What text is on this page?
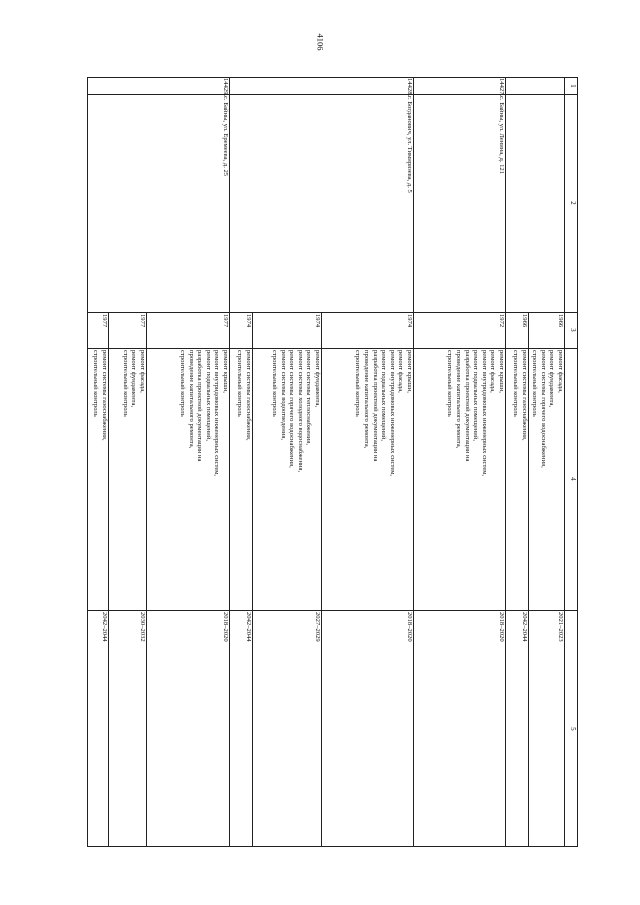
4106
1
2
3
4
5
1966
ремонт фасада,
ремонт фундамента,
ремонт системы горячего водоснабжения,
строительный контроль
2021–2023
1966
ремонт системы газоснабжения,
строительный контроль
2042–2044
14427.
с. Байны, ул. Ленина, д. 121
1972
ремонт крыши,
ремонт фасада,
ремонт внутридомовых инженерных систем,
ремонт подвальных помещений,
разработка проектной документации на
проведение капитального ремонта,
строительный контроль
2018–2020
14428.
г. Богданович, ул. Тимирязева, д. 5
1974
ремонт крыши,
ремонт фасада,
ремонт внутридомовых инженерных систем,
ремонт подвальных помещений,
разработка проектной документации на
проведение капитального ремонта,
строительный контроль
2018–2020
1974
ремонт фундамента,
ремонт системы теплоснабжения,
ремонт системы холодного водоснабжения,
ремонт системы горячего водоснабжения,
ремонт системы водоотведения,
строительный контроль
2027–2029
1974
ремонт системы газоснабжения,
строительный контроль
2042–2044
14429.
с. Байны, ул. Еремеева, д. 25
1977
ремонт крыши,
ремонт внутридомовых инженерных систем,
ремонт подвальных помещений,
разработка проектной документации на
проведение капитального ремонта,
строительный контроль
2018–2020
1977
ремонт фасада,
ремонт фундамента,
строительный контроль
2030–2032
1977
ремонт системы газоснабжения,
строительный контроль
2042–2044
